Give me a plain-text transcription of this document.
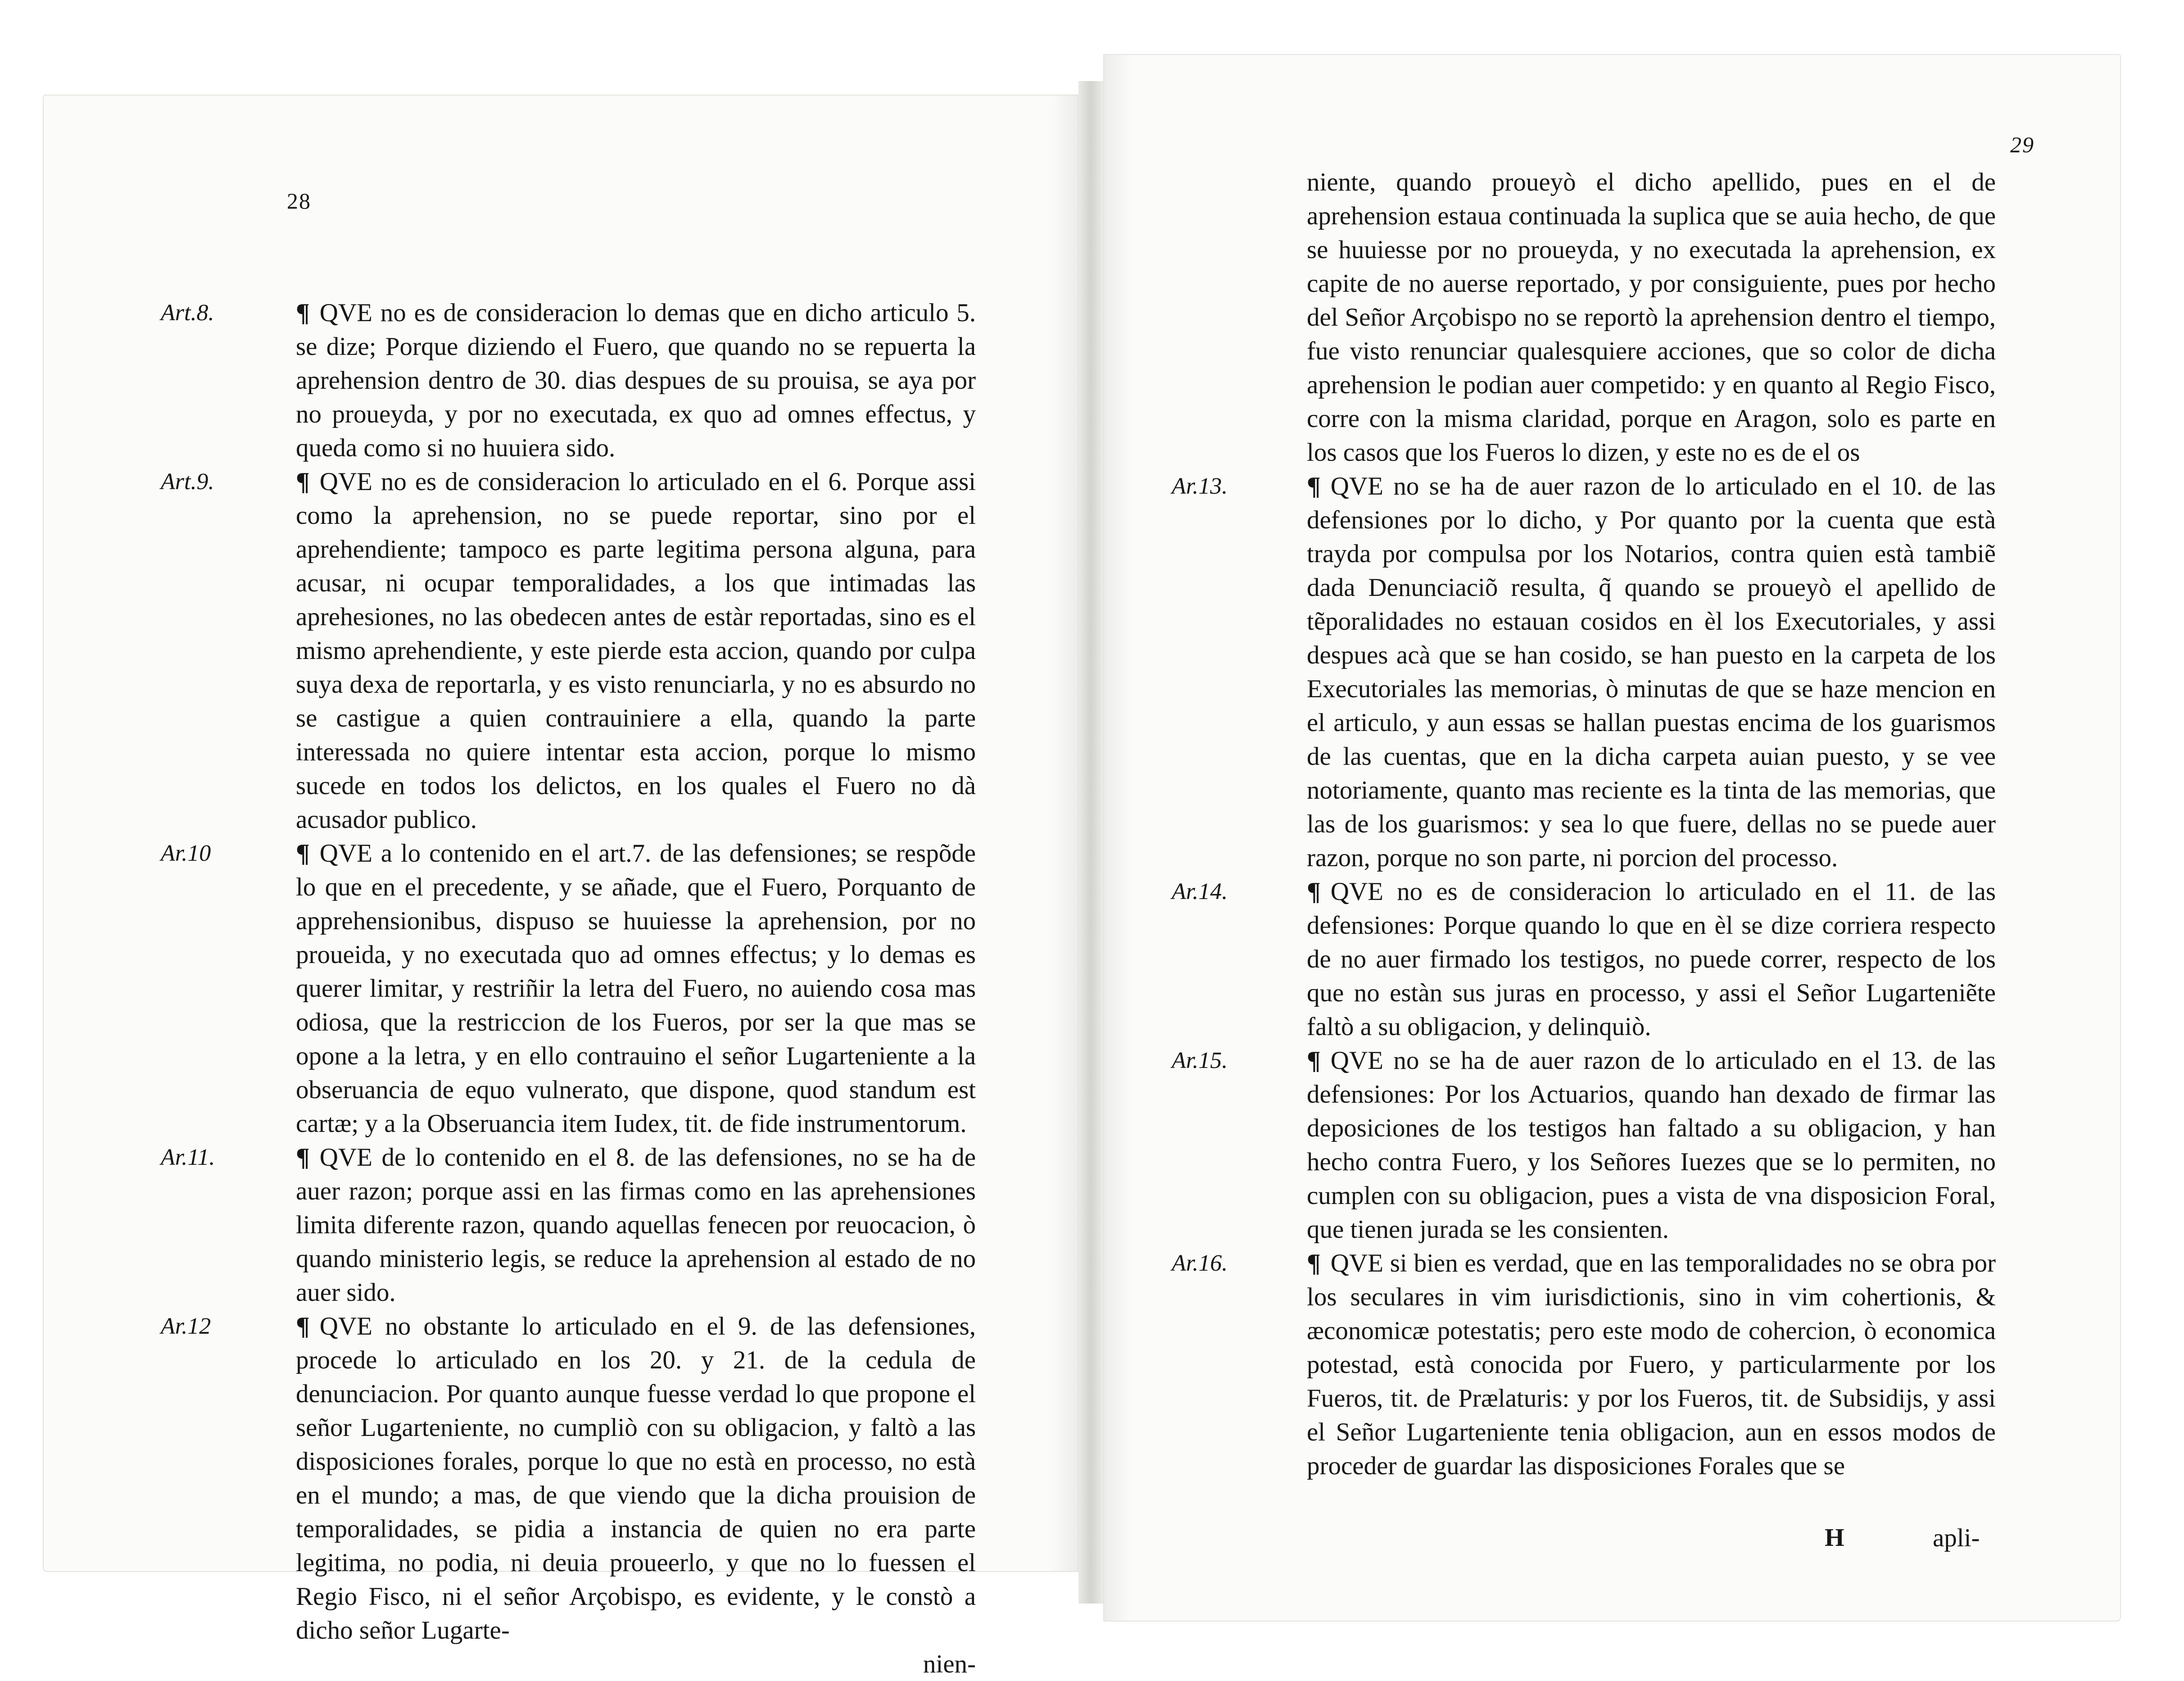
28

Art.8.	¶ QVE no es de consideracion lo demas que en dicho articulo 5. se dize; Porque diziendo el Fuero, que quando no se repuerta la aprehension dentro de 30. dias despues de su prouisa, se aya por no proueyda, y por no executada, ex quo ad omnes effectus, y queda como si no huuiera sido.

Art.9.	¶ QVE no es de consideracion lo articulado en el 6. Porque assi como la aprehension, no se puede reportar, sino por el aprehendiente; tampoco es parte legitima persona alguna, para acusar, ni ocupar temporalidades, a los que intimadas las aprehesiones, no las obedecen antes de estàr reportadas, sino es el mismo aprehendiente, y este pierde esta accion, quando por culpa suya dexa de reportarla, y es visto renunciarla, y no es absurdo no se castigue a quien contrauiniere a ella, quando la parte interessada no quiere intentar esta accion, porque lo mismo sucede en todos los delictos, en los quales el Fuero no dà acusador publico.

Ar.10	¶ QVE a lo contenido en el art.7. de las defensiones; se respõde lo que en el precedente, y se añade, que el Fuero, Porquanto de apprehensionibus, dispuso se huuiesse la aprehension, por no proueida, y no executada quo ad omnes effectus; y lo demas es querer limitar, y restriñir la letra del Fuero, no auiendo cosa mas odiosa, que la restriccion de los Fueros, por ser la que mas se opone a la letra, y en ello contrauino el señor Lugarteniente a la obseruancia de equo vulnerato, que dispone, quod standum est cartæ; y a la Obseruancia item Iudex, tit. de fide instrumentorum.

Ar.11.	¶ QVE de lo contenido en el 8. de las defensiones, no se ha de auer razon; porque assi en las firmas como en las aprehensiones limita diferente razon, quando aquellas fenecen por reuocacion, ò quando ministerio legis, se reduce la aprehension al estado de no auer sido.

Ar.12	¶ QVE no obstante lo articulado en el 9. de las defensiones, procede lo articulado en los 20. y 21. de la cedula de denunciacion. Por quanto aunque fuesse verdad lo que propone el señor Lugarteniente, no cumpliò con su obligacion, y faltò a las disposiciones forales, porque lo que no està en processo, no està en el mundo; a mas, de que viendo que la dicha prouision de temporalidades, se pidia a instancia de quien no era parte legitima, no podia, ni deuia proueerlo, y que no lo fuessen el Regio Fisco, ni el señor Arçobispo, es evidente, y le constò a dicho señor Lugarte-

nien-

29

niente, quando proueyò el dicho apellido, pues en el de aprehension estaua continuada la suplica que se auia hecho, de que se huuiesse por no proueyda, y no executada la aprehension, ex capite de no auerse reportado, y por consiguiente, pues por hecho del Señor Arçobispo no se reportò la aprehension dentro el tiempo, fue visto renunciar qualesquiere acciones, que so color de dicha aprehension le podian auer competido: y en quanto al Regio Fisco, corre con la misma claridad, porque en Aragon, solo es parte en los casos que los Fueros lo dizen, y este no es de el os

Ar.13.	¶ QVE no se ha de auer razon de lo articulado en el 10. de las defensiones por lo dicho, y Por quanto por la cuenta que està trayda por compulsa por los Notarios, contra quien està tambiẽ dada Denunciaciõ resulta, q̃ quando se proueyò el apellido de tẽporalidades no estauan cosidos en èl los Executoriales, y assi despues acà que se han cosido, se han puesto en la carpeta de los Executoriales las memorias, ò minutas de que se haze mencion en el articulo, y aun essas se hallan puestas encima de los guarismos de las cuentas, que en la dicha carpeta auian puesto, y se vee notoriamente, quanto mas reciente es la tinta de las memorias, que las de los guarismos: y sea lo que fuere, dellas no se puede auer razon, porque no son parte, ni porcion del processo.

Ar.14.	¶ QVE no es de consideracion lo articulado en el 11. de las defensiones: Porque quando lo que en èl se dize corriera respecto de no auer firmado los testigos, no puede correr, respecto de los que no estàn sus juras en processo, y assi el Señor Lugarteniẽte faltò a su obligacion, y delinquiò.

Ar.15.	¶ QVE no se ha de auer razon de lo articulado en el 13. de las defensiones: Por los Actuarios, quando han dexado de firmar las deposiciones de los testigos han faltado a su obligacion, y han hecho contra Fuero, y los Señores Iuezes que se lo permiten, no cumplen con su obligacion, pues a vista de vna disposicion Foral, que tienen jurada se les consienten.

Ar.16.	¶ QVE si bien es verdad, que en las temporalidades no se obra por los seculares in vim iurisdictionis, sino in vim cohertionis, & æconomicæ potestatis; pero este modo de cohercion, ò economica potestad, està conocida por Fuero, y particularmente por los Fueros, tit. de Prælaturis: y por los Fueros, tit. de Subsidijs, y assi el Señor Lugarteniente tenia obligacion, aun en essos modos de proceder de guardar las disposiciones Forales que se

H	apli-
